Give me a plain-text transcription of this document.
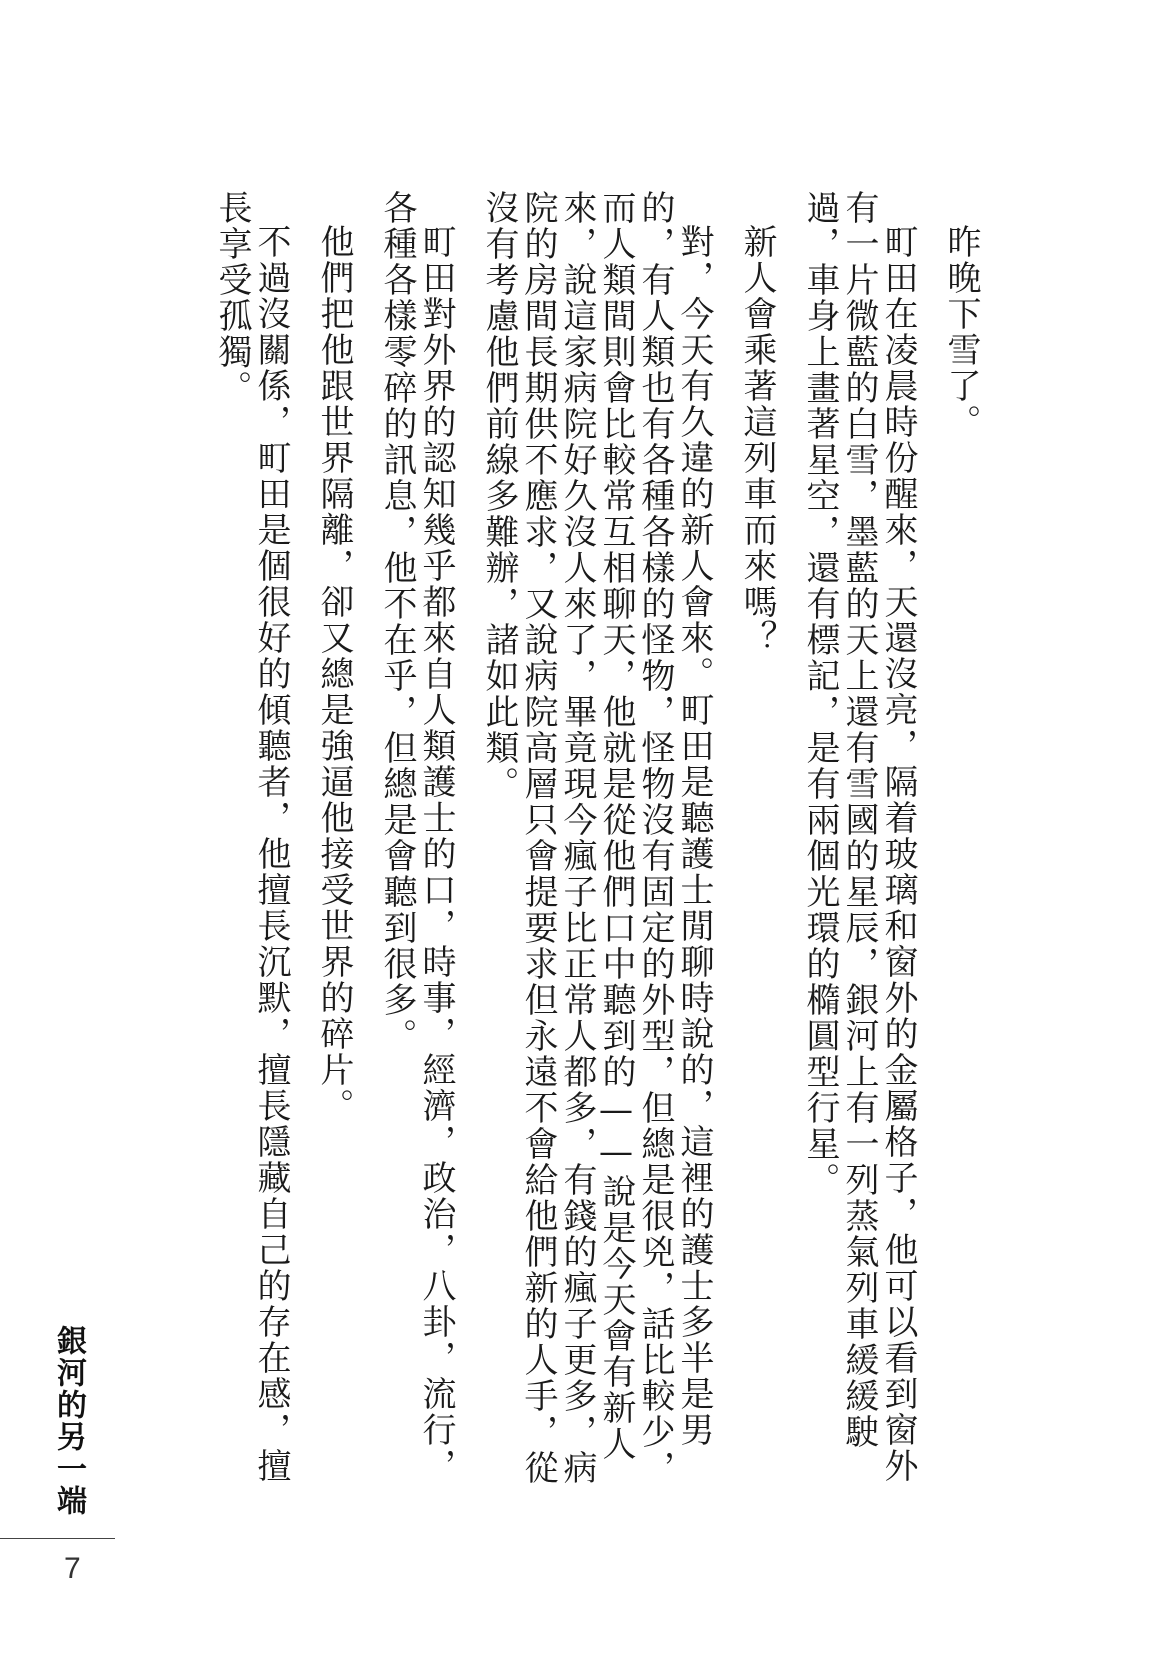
昨晚下雪了。

町田在凌晨時份醒來，天還沒亮，隔着玻璃和窗外的金屬格子，他可以看到窗外有一片微藍的白雪，墨藍的天上還有雪國的星辰，銀河上有一列蒸氣列車緩緩駛過，車身上畫著星空，還有標記，是有兩個光環的橢圓型行星。

新人會乘著這列車而來嗎？

對，今天有久違的新人會來。町田是聽護士閒聊時說的，這裡的護士多半是男的，有人類也有各種各樣的怪物，怪物沒有固定的外型，但總是很兇，話比較少，而人類間則會比較常互相聊天，他就是從他們口中聽到的——說是今天會有新人來，說這家病院好久沒人來了，畢竟現今瘋子比正常人都多，有錢的瘋子更多，病院的房間長期供不應求，又說病院高層只會提要求但永遠不會給他們新的人手，從沒有考慮他們前線多難辦，諸如此類。

町田對外界的認知幾乎都來自人類護士的口，時事，經濟，政治，八卦，流行，各種各樣零碎的訊息，他不在乎，但總是會聽到很多。

他們把他跟世界隔離，卻又總是強逼他接受世界的碎片。

不過沒關係，町田是個很好的傾聽者，他擅長沉默，擅長隱藏自己的存在感，擅長享受孤獨。

銀河的另一端
7
